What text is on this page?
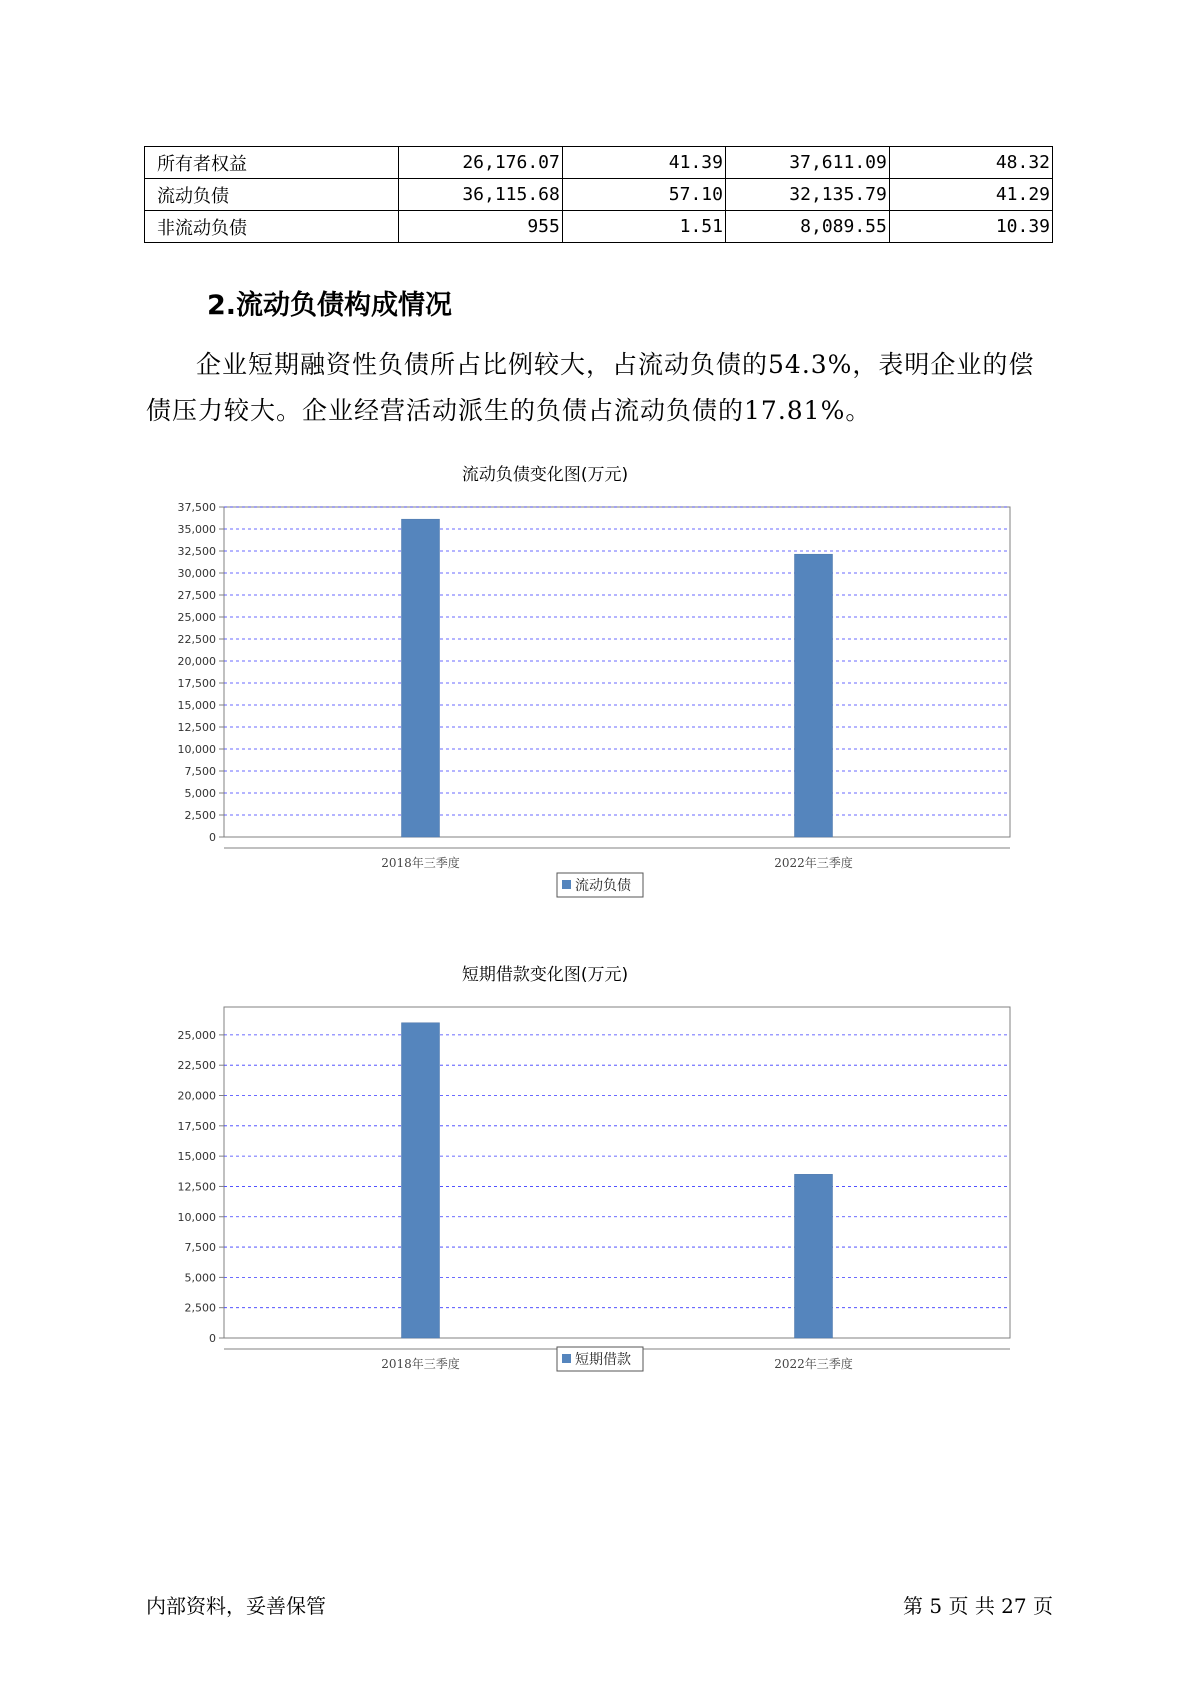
所有者权益	26,176.07	41.39	37,611.09	48.32
流动负债	36,115.68	57.10	32,135.79	41.29
非流动负债	955	1.51	8,089.55	10.39
2.流动负债构成情况
企业短期融资性负债所占比例较大，占流动负债的54.3%，表明企业的偿债压力较大。企业经营活动派生的负债占流动负债的17.81%。
流动负债变化图(万元)
0
2,500
5,000
7,500
10,000
12,500
15,000
17,500
20,000
22,500
25,000
27,500
30,000
32,500
35,000
37,500
2018年三季度	2022年三季度
流动负债
短期借款变化图(万元)
0
2,500
5,000
7,500
10,000
12,500
15,000
17,500
20,000
22,500
25,000
2018年三季度	2022年三季度
短期借款
内部资料，妥善保管	第 5 页 共 27 页
